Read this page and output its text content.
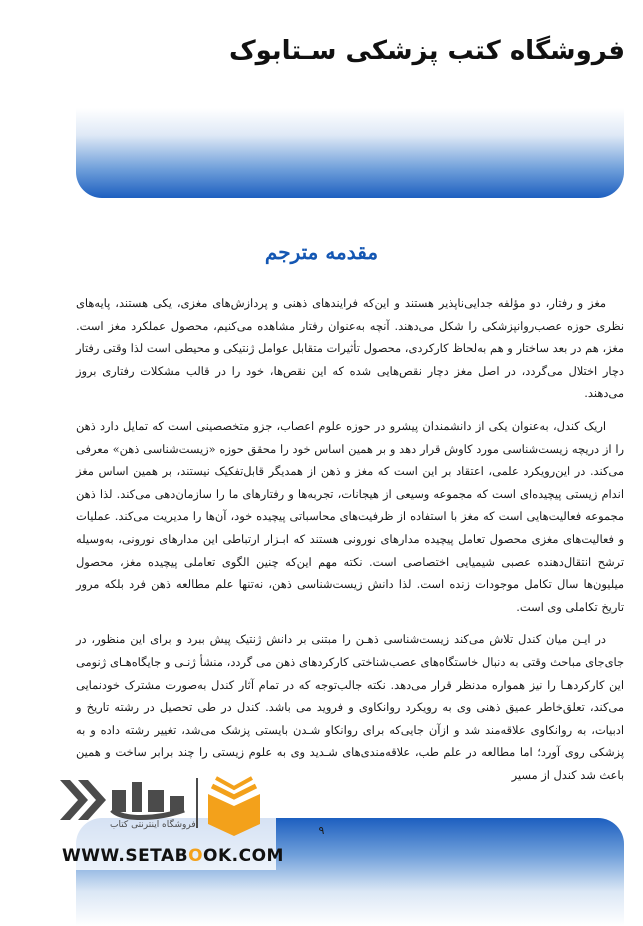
فروشگاه کتب پزشکی سـتابوک
مقدمه مترجم

مغز و رفتار، دو مؤلفه جدایی‌ناپذیر هستند و این‌که فرایندهای ذهنی و پردازش‌های مغزی، یکی هستند، پایه‌های نظری حوزه عصب‌روانپزشکی را شکل می‌دهند. آنچه به‌عنوان رفتار مشاهده می‌کنیم، محصول عملکرد مغز است. مغز، هم در بعد ساختار و هم به‌لحاظ کارکردی، محصول تأثیرات متقابل عوامل ژنتیکی و محیطی است لذا وقتی رفتار دچار اختلال می‌گردد، در اصل مغز دچار نقص‌هایی شده که این نقص‌ها، خود را در قالب مشکلات رفتاری بروز می‌دهند.

اریک کندل، به‌عنوان یکی از دانشمندان پیشرو در حوزه علوم اعصاب، جزو متخصصینی است که تمایل دارد ذهن را از دریچه زیست‌شناسی مورد کاوش قرار دهد و بر همین اساس خود را محقق حوزه «زیست‌شناسی ذهن» معرفی می‌کند. در این‌رویکرد علمی، اعتقاد بر این است که مغز و ذهن از همدیگر قابل‌تفکیک نیستند، بر همین اساس مغز اندام زیستی پیچیده‌ای است که مجموعه وسیعی از هیجانات، تجربه‌ها و رفتارهای ما را سازمان‌دهی می‌کند. لذا ذهن مجموعه فعالیت‌هایی است که مغز با استفاده از ظرفیت‌های محاسباتی پیچیده خود، آن‌ها را مدیریت می‌کند. عملیات و فعالیت‌های مغزی محصول تعامل پیچیده مدارهای نورونی هستند که ابـزار ارتباطی این مدارهای نورونی، به‌وسیله ترشح انتقال‌دهنده عصبی شیمیایی اختصاصی است. نکته مهم این‌که چنین الگوی تعاملی پیچیده مغز، محصول میلیون‌ها سال تکامل موجودات زنده است. لذا دانش زیست‌شناسی ذهن، نه‌تنها علم مطالعه ذهن فرد بلکه مرور تاریخ تکاملی وی است.

در ایـن میان کندل تلاش می‌کند زیست‌شناسی ذهـن را مبتنی بر دانش ژنتیک پیش ببرد و برای این منظور، در جای‌جای مباحث وقتی به دنبال خاستگاه‌های عصب‌شناختی کارکردهای ذهن می گردد، منشأ ژنـی و جایگاه‌هـای ژنومی این کارکردهـا را نیز همواره مدنظر قرار می‌دهد. نکته جالب‌توجه که در تمام آثار کندل به‌صورت مشترک خودنمایی می‌کند، تعلق‌خاطر عمیق ذهنی وی به رویکرد روانکاوی و فروید می باشد. کندل در طی تحصیل در رشته تاریخ و ادبیات، به روانکاوی علاقه‌مند شد و ازآن جایی‌که برای روانکاو شـدن بایستی پزشک می‌شد، تغییر رشته داده و به پزشکی روی آورد؛ اما مطالعه در علم طب، علاقه‌مندی‌های شـدید وی به علوم زیستی را چند برابر ساخت و همین باعث شد کندل از مسیر

۹
فروشگاه اینترنتی کتاب
WWW.SETABOOK.COM
